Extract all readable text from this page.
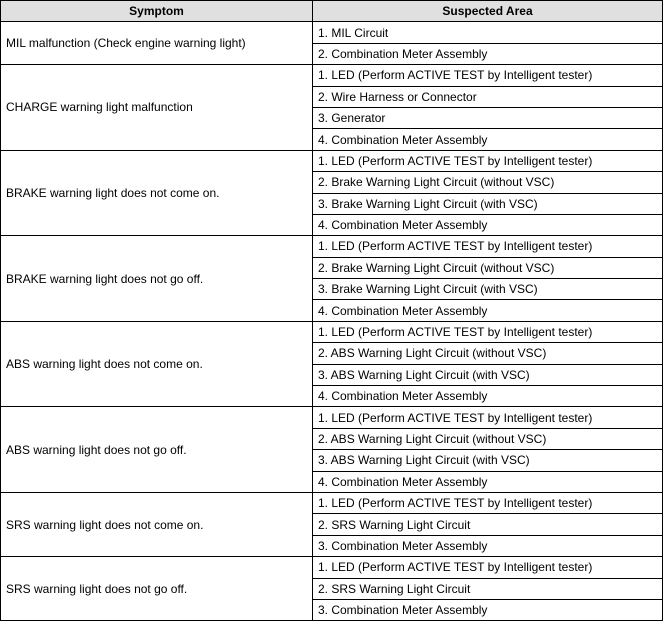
Symptom	Suspected Area
MIL malfunction (Check engine warning light)	1. MIL Circuit
	2. Combination Meter Assembly
CHARGE warning light malfunction	1. LED (Perform ACTIVE TEST by Intelligent tester)
	2. Wire Harness or Connector
	3. Generator
	4. Combination Meter Assembly
BRAKE warning light does not come on.	1. LED (Perform ACTIVE TEST by Intelligent tester)
	2. Brake Warning Light Circuit (without VSC)
	3. Brake Warning Light Circuit (with VSC)
	4. Combination Meter Assembly
BRAKE warning light does not go off.	1. LED (Perform ACTIVE TEST by Intelligent tester)
	2. Brake Warning Light Circuit (without VSC)
	3. Brake Warning Light Circuit (with VSC)
	4. Combination Meter Assembly
ABS warning light does not come on.	1. LED (Perform ACTIVE TEST by Intelligent tester)
	2. ABS Warning Light Circuit (without VSC)
	3. ABS Warning Light Circuit (with VSC)
	4. Combination Meter Assembly
ABS warning light does not go off.	1. LED (Perform ACTIVE TEST by Intelligent tester)
	2. ABS Warning Light Circuit (without VSC)
	3. ABS Warning Light Circuit (with VSC)
	4. Combination Meter Assembly
SRS warning light does not come on.	1. LED (Perform ACTIVE TEST by Intelligent tester)
	2. SRS Warning Light Circuit
	3. Combination Meter Assembly
SRS warning light does not go off.	1. LED (Perform ACTIVE TEST by Intelligent tester)
	2. SRS Warning Light Circuit
	3. Combination Meter Assembly
